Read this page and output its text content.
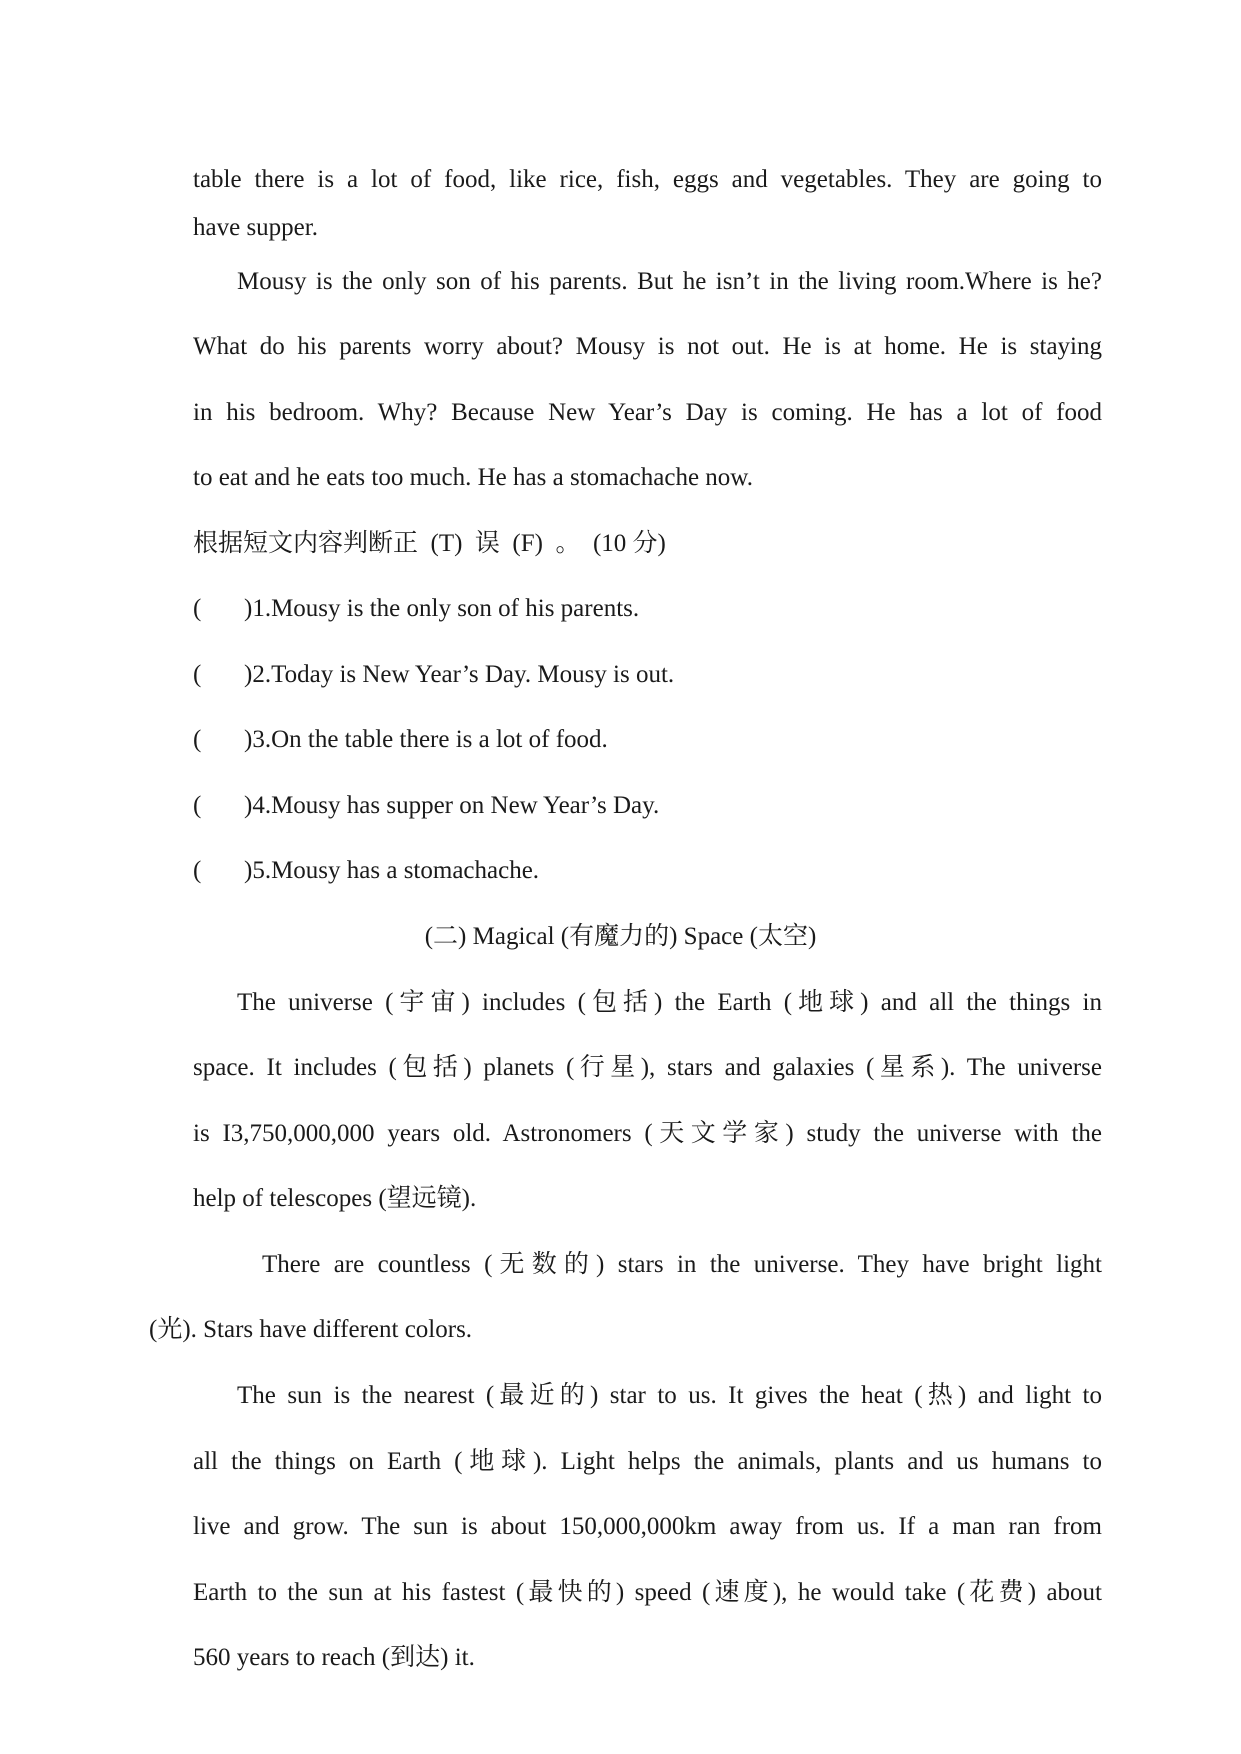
table there is a lot of food, like rice, fish, eggs and vegetables. They are going to

have supper.

Mousy is the only son of his parents. But he isn’t in the living room.Where is he?

What do his parents worry about? Mousy is not out. He is at home. He is staying

in his bedroom. Why? Because New Year’s Day is coming. He has a lot of food

to eat and he eats too much. He has a stomachache now.

根据短文内容判断正  (T)  误  (F)  。  (10 分)

( )1.Mousy is the only son of his parents.

( )2.Today is New Year’s Day. Mousy is out.

( )3.On the table there is a lot of food.

( )4.Mousy has supper on New Year’s Day.

( )5.Mousy has a stomachache.

(二) Magical (有魔力的) Space (太空)

The universe (宇宙) includes (包括) the Earth (地球) and all the things in

space. It includes (包括) planets (行星), stars and galaxies (星系). The universe

is I3,750,000,000 years old. Astronomers (天文学家) study the universe with the

help of telescopes (望远镜).

There are countless (无数的) stars in the universe. They have bright light

(光). Stars have different colors.

The sun is the nearest (最近的) star to us. It gives the heat (热) and light to

all the things on Earth (地球). Light helps the animals, plants and us humans to

live and grow. The sun is about 150,000,000km away from us. If a man ran from

Earth to the sun at his fastest (最快的) speed (速度), he would take (花费) about

560 years to reach (到达) it.
